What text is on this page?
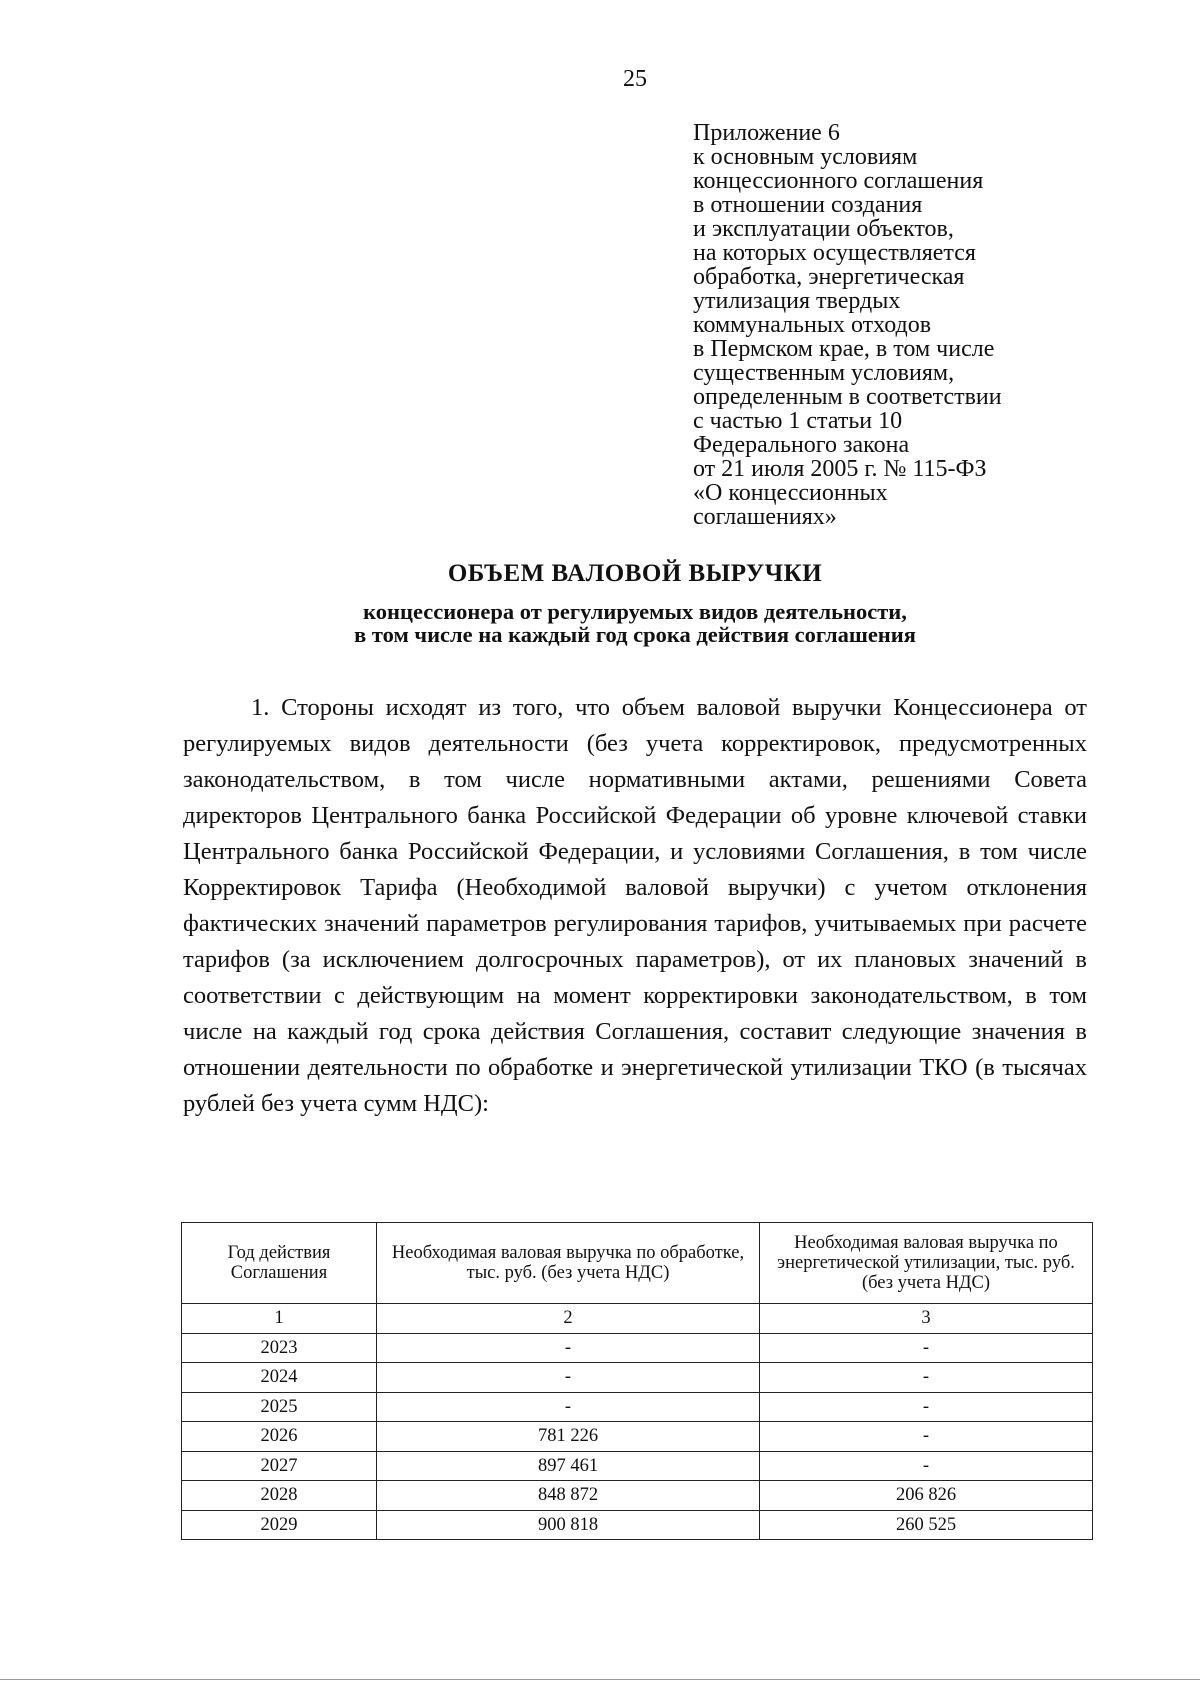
25
Приложение 6
к основным условиям
концессионного соглашения
в отношении создания
и эксплуатации объектов,
на которых осуществляется
обработка, энергетическая
утилизация твердых
коммунальных отходов
в Пермском крае, в том числе
существенным условиям,
определенным в соответствии
с частью 1 статьи 10
Федерального закона
от 21 июля 2005 г. № 115-ФЗ
«О концессионных
соглашениях»
ОБЪЕМ ВАЛОВОЙ ВЫРУЧКИ
концессионера от регулируемых видов деятельности,
в том числе на каждый год срока действия соглашения

1. Стороны исходят из того, что объем валовой выручки Концессионера от регулируемых видов деятельности (без учета корректировок, предусмотренных законодательством, в том числе нормативными актами, решениями Совета директоров Центрального банка Российской Федерации об уровне ключевой ставки Центрального банка Российской Федерации, и условиями Соглашения, в том числе Корректировок Тарифа (Необходимой валовой выручки) с учетом отклонения фактических значений параметров регулирования тарифов, учитываемых при расчете тарифов (за исключением долгосрочных параметров), от их плановых значений в соответствии с действующим на момент корректировки законодательством, в том числе на каждый год срока действия Соглашения, составит следующие значения в отношении деятельности по обработке и энергетической утилизации ТКО (в тысячах рублей без учета сумм НДС):

Год действия Соглашения	Необходимая валовая выручка по обработке, тыс. руб. (без учета НДС)	Необходимая валовая выручка по энергетической утилизации, тыс. руб. (без учета НДС)
1	2	3
2023	-	-
2024	-	-
2025	-	-
2026	781 226	-
2027	897 461	-
2028	848 872	206 826
2029	900 818	260 525
